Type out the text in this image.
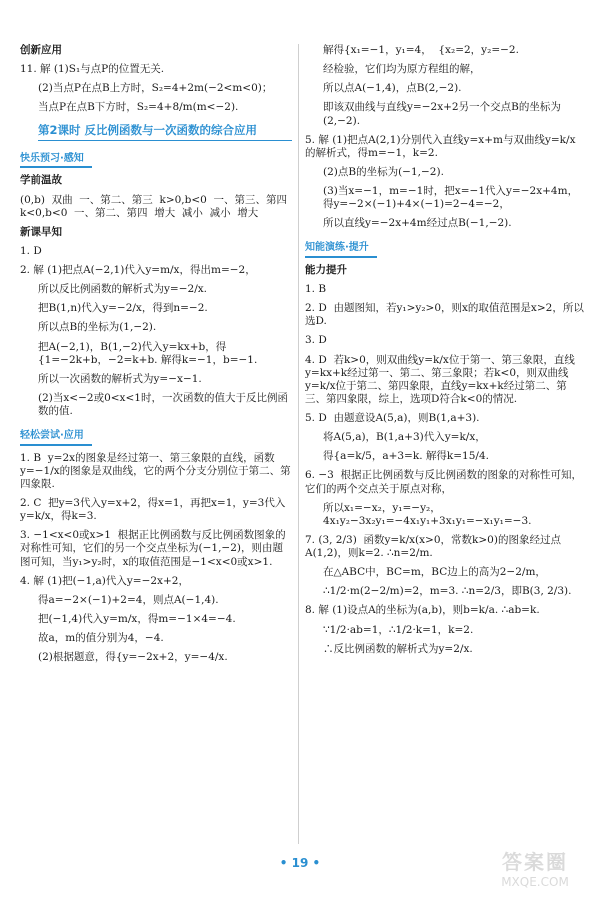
创新应用
11. 解 (1)S₁与点P的位置无关.
(2)当点P在点B上方时，S₂=4+2m(−2<m<0)；
当点P在点B下方时，S₂=4+8/m(m<−2).
第2课时 反比例函数与一次函数的综合应用
快乐预习·感知
学前温故
(0,b)  双曲  一、第二、第三  k>0,b<0  一、第三、第四  k<0,b<0  一、第二、第四  增大  减小  减小  增大
新课早知
1. D
2. 解 (1)把点A(−2,1)代入y=m/x，得出m=−2，
所以反比例函数的解析式为y=−2/x.
把B(1,n)代入y=−2/x，得到n=−2.
所以点B的坐标为(1,−2).
把A(−2,1)，B(1,−2)代入y=kx+b，得{1=−2k+b，−2=k+b. 解得k=−1，b=−1.
所以一次函数的解析式为y=−x−1.
(2)当x<−2或0<x<1时，一次函数的值大于反比例函数的值.
轻松尝试·应用
1. B  y=2x的图象是经过第一、第三象限的直线，函数y=−1/x的图象是双曲线，它的两个分支分别位于第二、第四象限.
2. C  把y=3代入y=x+2，得x=1，再把x=1，y=3代入y=k/x，得k=3.
3. −1<x<0或x>1  根据正比例函数与反比例函数图象的对称性可知，它们的另一个交点坐标为(−1,−2)，则由题图可知，当y₁>y₂时，x的取值范围是−1<x<0或x>1.
4. 解 (1)把(−1,a)代入y=−2x+2，
得a=−2×(−1)+2=4，则点A(−1,4).
把(−1,4)代入y=m/x，得m=−1×4=−4.
故a，m的值分别为4，−4.
(2)根据题意，得{y=−2x+2，y=−4/x.
解得{x₁=−1，y₁=4，  {x₂=2，y₂=−2.
经检验，它们均为原方程组的解，
所以点A(−1,4)，点B(2,−2).
即该双曲线与直线y=−2x+2另一个交点B的坐标为(2,−2).
5. 解 (1)把点A(2,1)分别代入直线y=x+m与双曲线y=k/x的解析式，得m=−1，k=2.
(2)点B的坐标为(−1,−2).
(3)当x=−1，m=−1时，把x=−1代入y=−2x+4m，得y=−2×(−1)+4×(−1)=2−4=−2，
所以直线y=−2x+4m经过点B(−1,−2).
知能演练·提升
能力提升
1. B
2. D  由题图知，若y₁>y₂>0，则x的取值范围是x>2，所以选D.
3. D
4. D  若k>0，则双曲线y=k/x位于第一、第三象限，直线y=kx+k经过第一、第二、第三象限；若k<0，则双曲线y=k/x位于第二、第四象限，直线y=kx+k经过第二、第三、第四象限，综上，选项D符合k<0的情况.
5. D  由题意设A(5,a)，则B(1,a+3).
将A(5,a)，B(1,a+3)代入y=k/x，
得{a=k/5，a+3=k. 解得k=15/4.
6. −3  根据正比例函数与反比例函数的图象的对称性可知，它们的两个交点关于原点对称，
所以x₁=−x₂，y₁=−y₂，4x₁y₂−3x₂y₁=−4x₁y₁+3x₁y₁=−x₁y₁=−3.
7. (3, 2/3)  函数y=k/x(x>0，常数k>0)的图象经过点A(1,2)，则k=2. ∴n=2/m.
在△ABC中，BC=m，BC边上的高为2−2/m，
∴1/2·m(2−2/m)=2，m=3. ∴n=2/3，即B(3, 2/3).
8. 解 (1)设点A的坐标为(a,b)，则b=k/a. ∴ab=k.
∵1/2·ab=1，∴1/2·k=1，k=2.
∴反比例函数的解析式为y=2/x.
• 19 •	答案圈
MXQE.COM
